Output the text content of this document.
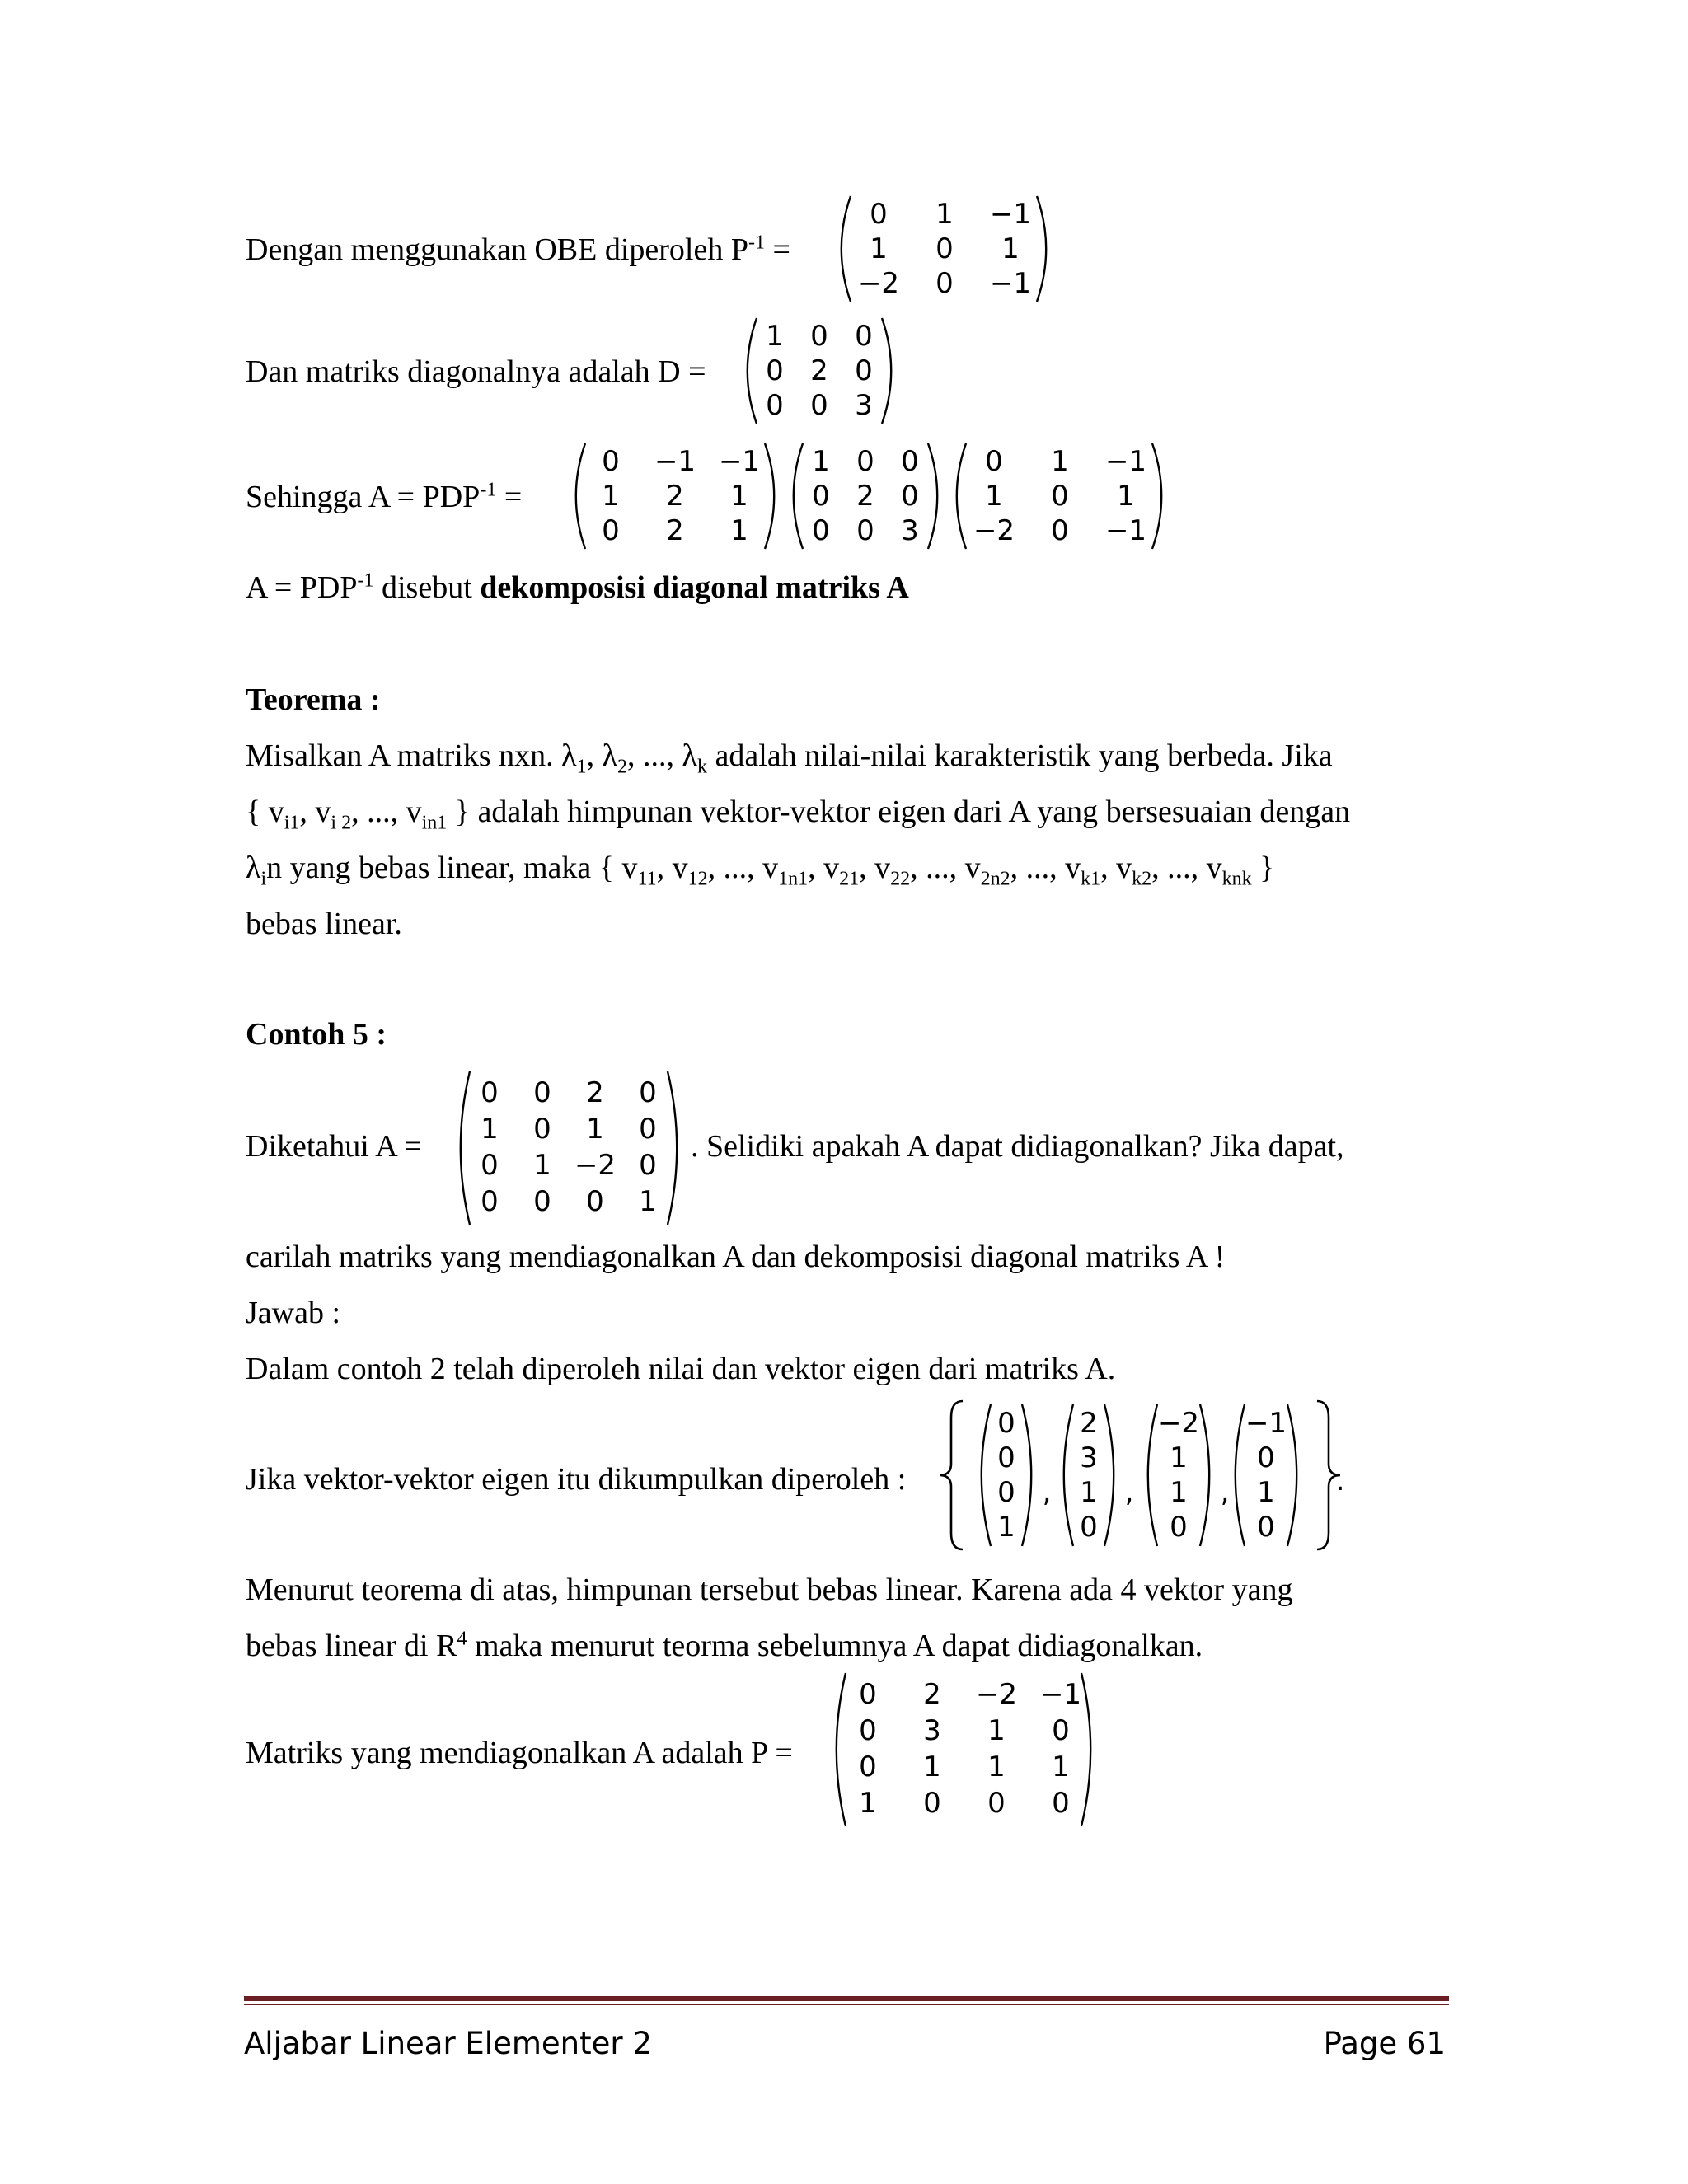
Dengan menggunakan OBE diperoleh $P^{-1}$ =
0	1	−1
1	0	1
−2	0	−1
Dan matriks diagonalnya adalah D =
1 0 0
0 2 0
0 0 3
Sehingga $A = PDP^{-1}$ =
0	−1 −1
1	2	1
0	2	1
1 0 0
0 2 0
0 0 3
0	1	−1
1	0	1
−2	0	−1
$A = PDP^{-1}$ disebut dekomposisi diagonal matriks A
Teorema :
Misalkan A matriks nxn. $\lambda_1$, $\lambda_2$, ..., $\lambda_k$ adalah nilai-nilai karakteristik yang berbeda. Jika
{ $v_{i1}$, $v_{i 2}$, ..., $v_{in1}$ } adalah himpunan vektor-vektor eigen dari A yang bersesuaian dengan
$\lambda_in$ yang bebas linear, maka { $v_{11}$, $v_{12}$, ..., $v_{1n1}$, $v_{21}$, $v_{22}$, ..., $v_{2n2}$, ..., $v_{k1}$, $v_{k2}$, ..., $v_{knk}$ }
bebas linear.
Contoh 5 :
Diketahui A =
0	0	2	0
1	0	1	0
0	1 −2 0
0	0	0	1
. Selidiki apakah A dapat didiagonalkan? Jika dapat,
carilah matriks yang mendiagonalkan A dan dekomposisi diagonal matriks A !
Jawab :
Dalam contoh 2 telah diperoleh nilai dan vektor eigen dari matriks A.
Jika vektor-vektor eigen itu dikumpulkan diperoleh :
0
0
0
1
,
2
3
1
0
,
−2
1
1
0
,
−1
0
1
0
.
Menurut teorema di atas, himpunan tersebut bebas linear. Karena ada 4 vektor yang
bebas linear di $R^4$ maka menurut teorma sebelumnya A dapat didiagonalkan.
Matriks yang mendiagonalkan A adalah P =
0	2	−2 −1
0	3	1	0
0	1	1	1
1	0	0	0
Aljabar Linear Elementer 2	Page 61
